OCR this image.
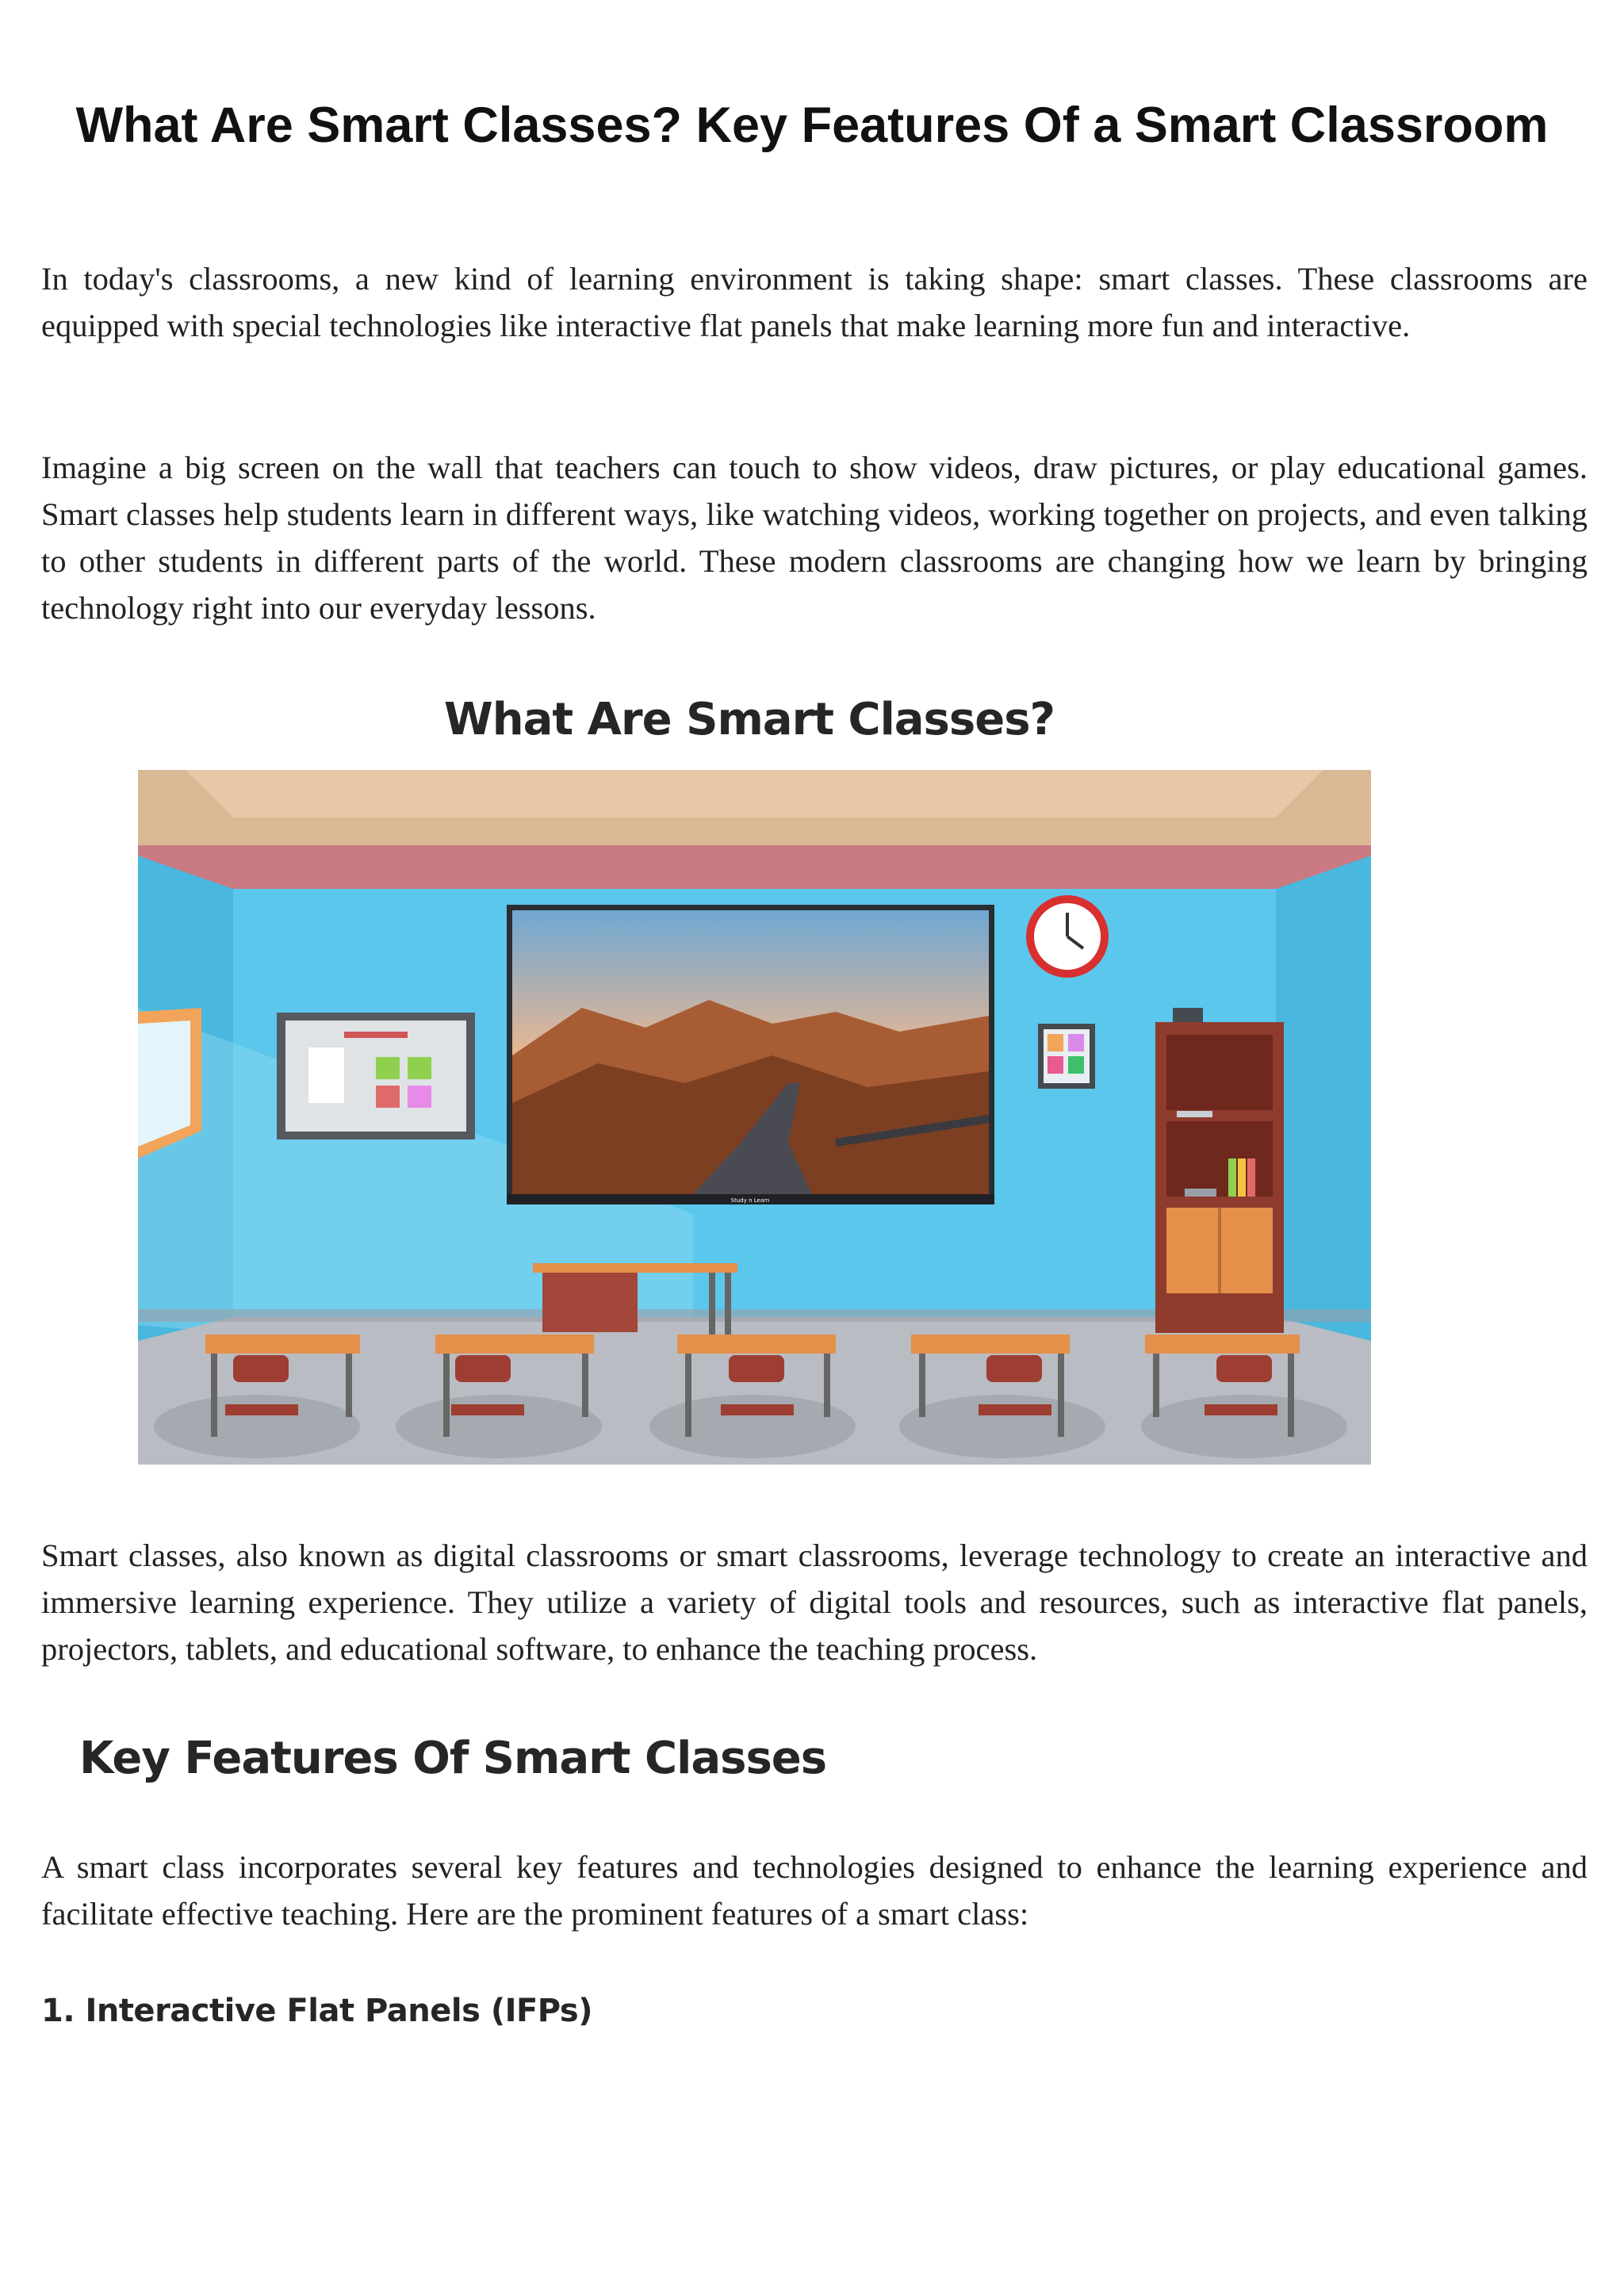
What Are Smart Classes? Key Features Of a Smart Classroom

In today's classrooms, a new kind of learning environment is taking shape: smart classes. These classrooms are equipped with special technologies like interactive flat panels that make learning more fun and interactive.

Imagine a big screen on the wall that teachers can touch to show videos, draw pictures, or play educational games. Smart classes help students learn in different ways, like watching videos, working together on projects, and even talking to other students in different parts of the world. These modern classrooms are changing how we learn by bringing technology right into our everyday lessons.

What Are Smart Classes?
Study n Learn

Smart classes, also known as digital classrooms or smart classrooms, leverage technology to create an interactive and immersive learning experience. They utilize a variety of digital tools and resources, such as interactive flat panels, projectors, tablets, and educational software, to enhance the teaching process.

Key Features Of Smart Classes

A smart class incorporates several key features and technologies designed to enhance the learning experience and facilitate effective teaching. Here are the prominent features of a smart class:

1. Interactive Flat Panels (IFPs)
